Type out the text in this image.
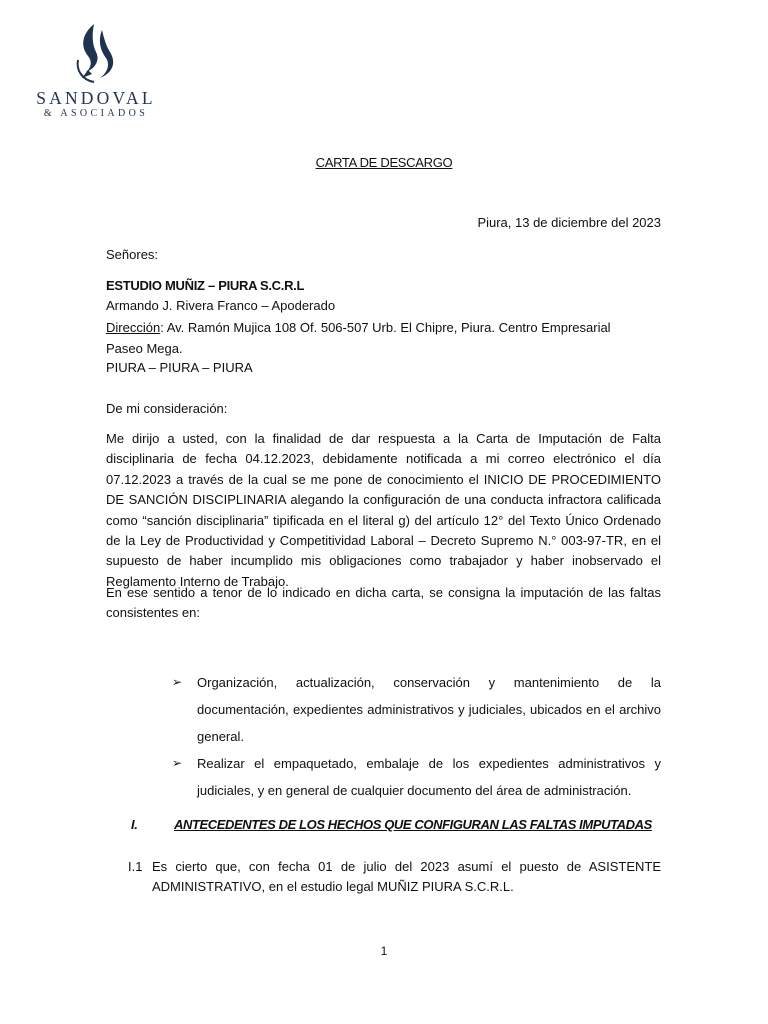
SANDOVAL
& ASOCIADOS
CARTA DE DESCARGO
Piura, 13 de diciembre del 2023
Señores:
ESTUDIO MUÑIZ – PIURA S.C.R.L
Armando J. Rivera Franco – Apoderado
Dirección: Av. Ramón Mujica 108 Of. 506-507 Urb. El Chipre, Piura. Centro Empresarial Paseo Mega.
PIURA – PIURA – PIURA
De mi consideración:
Me dirijo a usted, con la finalidad de dar respuesta a la Carta de Imputación de Falta disciplinaria de fecha 04.12.2023, debidamente notificada a mi correo electrónico el día 07.12.2023 a través de la cual se me pone de conocimiento el INICIO DE PROCEDIMIENTO DE SANCIÓN DISCIPLINARIA alegando la configuración de una conducta infractora calificada como “sanción disciplinaria” tipificada en el literal g) del artículo 12° del Texto Único Ordenado de la Ley de Productividad y Competitividad Laboral – Decreto Supremo N.° 003-97-TR, en el supuesto de haber incumplido mis obligaciones como trabajador y haber inobservado el Reglamento Interno de Trabajo.
En ese sentido a tenor de lo indicado en dicha carta, se consigna la imputación de las faltas consistentes en:
➢ Organización, actualización, conservación y mantenimiento de la documentación, expedientes administrativos y judiciales, ubicados en el archivo general.
➢ Realizar el empaquetado, embalaje de los expedientes administrativos y judiciales, y en general de cualquier documento del área de administración.
I.	ANTECEDENTES DE LOS HECHOS QUE CONFIGURAN LAS FALTAS IMPUTADAS
I.1 Es cierto que, con fecha 01 de julio del 2023 asumí el puesto de ASISTENTE ADMINISTRATIVO, en el estudio legal MUÑIZ PIURA S.C.R.L.
1
